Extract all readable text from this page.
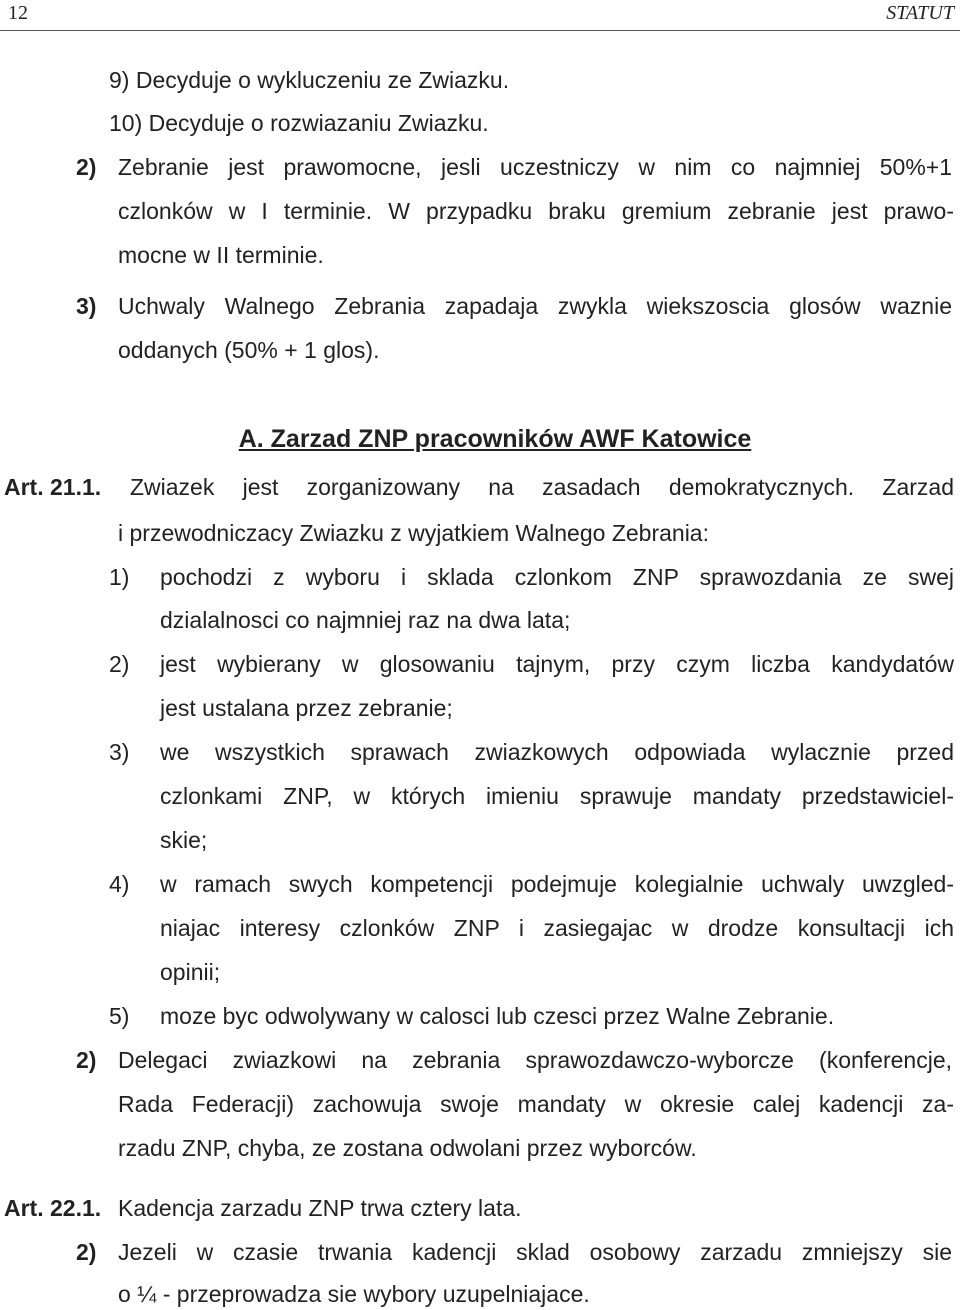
12	STATUT
9) Decyduje o wykluczeniu ze Zwiazku.
10) Decyduje o rozwiazaniu Zwiazku.
2) Zebranie jest prawomocne, jesli uczestniczy w nim co najmniej 50%+1
czlonków w I terminie. W przypadku braku gremium zebranie jest prawo-
mocne w II terminie.
3) Uchwaly Walnego Zebrania zapadaja zwykla wiekszoscia glosów waznie
oddanych (50% + 1 glos).
A. Zarzad ZNP pracowników AWF Katowice
Art. 21.1. Zwiazek jest zorganizowany na zasadach demokratycznych. Zarzad
i przewodniczacy Zwiazku z wyjatkiem Walnego Zebrania:
1) pochodzi z wyboru i sklada czlonkom ZNP sprawozdania ze swej
dzialalnosci co najmniej raz na dwa lata;
2) jest wybierany w glosowaniu tajnym, przy czym liczba kandydatów
jest ustalana przez zebranie;
3) we wszystkich sprawach zwiazkowych odpowiada wylacznie przed
czlonkami ZNP, w których imieniu sprawuje mandaty przedstawiciel-
skie;
4) w ramach swych kompetencji podejmuje kolegialnie uchwaly uwzgled-
niajac interesy czlonków ZNP i zasiegajac w drodze konsultacji ich
opinii;
5) moze byc odwolywany w calosci lub czesci przez Walne Zebranie.
2) Delegaci zwiazkowi na zebrania sprawozdawczo-wyborcze (konferencje,
Rada Federacji) zachowuja swoje mandaty w okresie calej kadencji za-
rzadu ZNP, chyba, ze zostana odwolani przez wyborców.
Art. 22.1. Kadencja zarzadu ZNP trwa cztery lata.
2) Jezeli w czasie trwania kadencji sklad osobowy zarzadu zmniejszy sie
o ¼ - przeprowadza sie wybory uzupelniajace.
